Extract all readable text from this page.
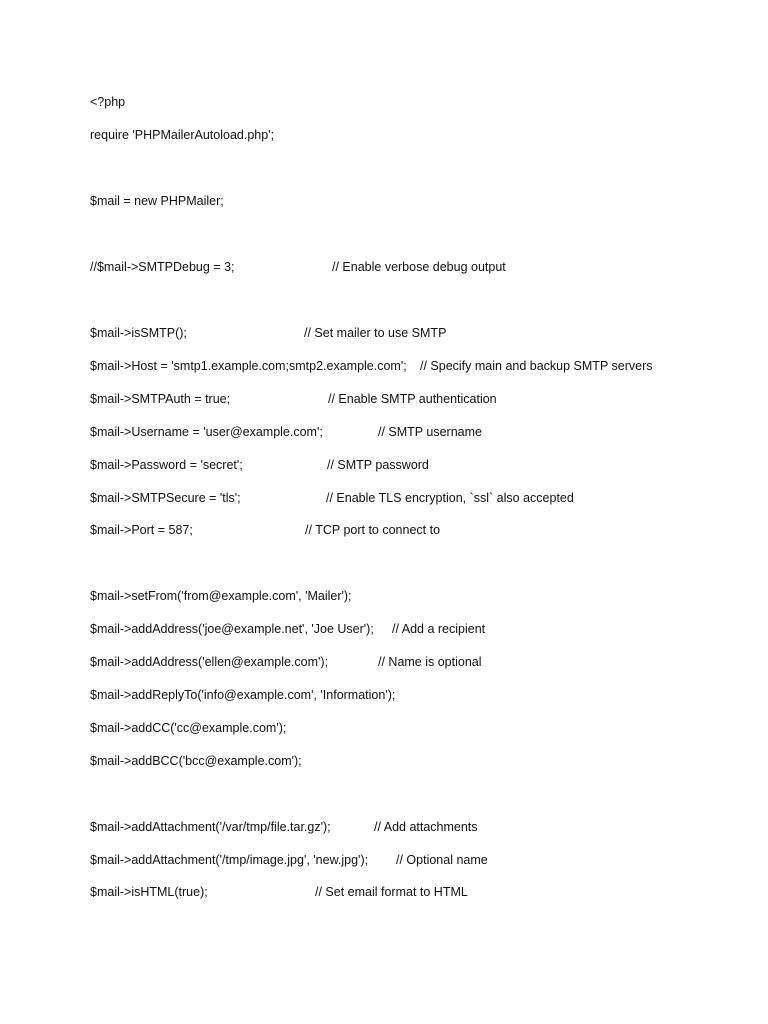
<?php

require 'PHPMailerAutoload.php';

$mail = new PHPMailer;

//$mail->SMTPDebug = 3;

	// Enable verbose debug output

$mail->isSMTP();

	// Set mailer to use SMTP

$mail->Host = 'smtp1.example.com;smtp2.example.com';

// Specify main and backup SMTP servers

$mail->SMTPAuth = true;

	// Enable SMTP authentication

$mail->Username = 'user@example.com';

	// SMTP username

$mail->Password = 'secret';

	// SMTP password

$mail->SMTPSecure = 'tls';

	// Enable TLS encryption, `ssl` also accepted

$mail->Port = 587;

	// TCP port to connect to

$mail->setFrom('from@example.com', 'Mailer');

$mail->addAddress('joe@example.net', 'Joe User');

// Add a recipient

$mail->addAddress('ellen@example.com');

	// Name is optional

$mail->addReplyTo('info@example.com', 'Information');

$mail->addCC('cc@example.com');

$mail->addBCC('bcc@example.com');

$mail->addAttachment('/var/tmp/file.tar.gz');

	// Add attachments

$mail->addAttachment('/tmp/image.jpg', 'new.jpg');

// Optional name

$mail->isHTML(true);

	// Set email format to HTML
